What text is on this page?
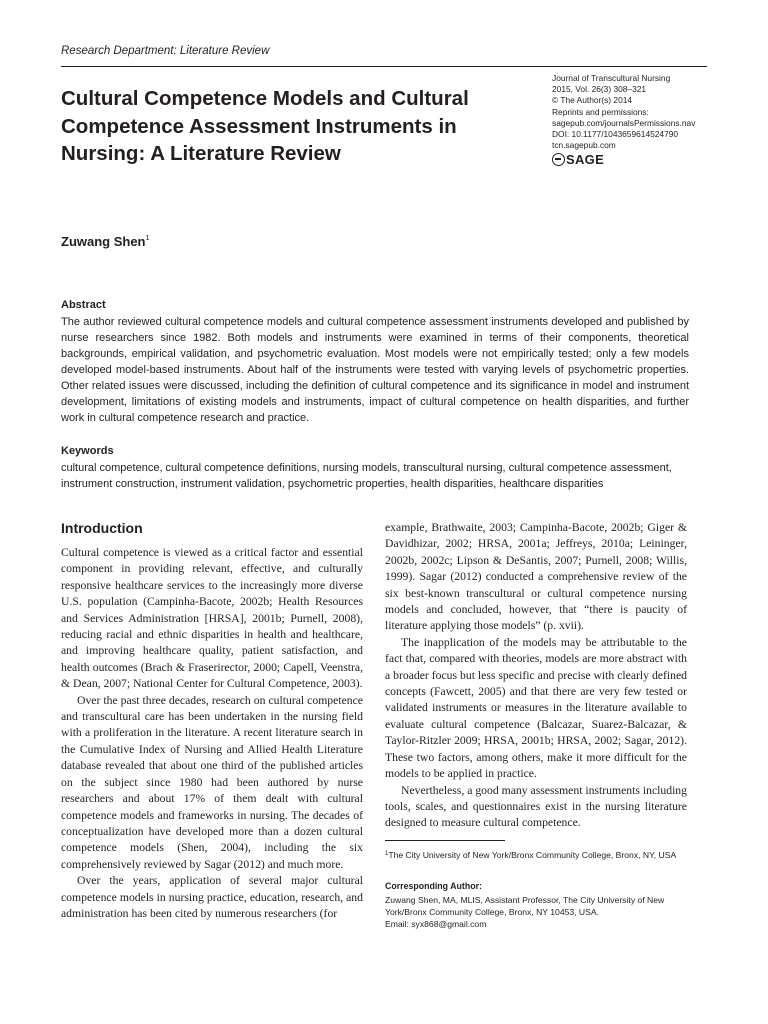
Research Department: Literature Review
Cultural Competence Models and Cultural Competence Assessment Instruments in Nursing: A Literature Review
Journal of Transcultural Nursing
2015, Vol. 26(3) 308–321
© The Author(s) 2014
Reprints and permissions:
sagepub.com/journalsPermissions.nav
DOI: 10.1177/1043659614524790
tcn.sagepub.com
SAGE
Zuwang Shen$^1$
Abstract
The author reviewed cultural competence models and cultural competence assessment instruments developed and published by nurse researchers since 1982. Both models and instruments were examined in terms of their components, theoretical backgrounds, empirical validation, and psychometric evaluation. Most models were not empirically tested; only a few models developed model-based instruments. About half of the instruments were tested with varying levels of psychometric properties. Other related issues were discussed, including the definition of cultural competence and its significance in model and instrument development, limitations of existing models and instruments, impact of cultural competence on health disparities, and further work in cultural competence research and practice.
Keywords
cultural competence, cultural competence definitions, nursing models, transcultural nursing, cultural competence assessment, instrument construction, instrument validation, psychometric properties, health disparities, healthcare disparities
Introduction

Cultural competence is viewed as a critical factor and essential component in providing relevant, effective, and culturally responsive healthcare services to the increasingly more diverse U.S. population (Campinha-Bacote, 2002b; Health Resources and Services Administration [HRSA], 2001b; Purnell, 2008), reducing racial and ethnic disparities in health and healthcare, and improving healthcare quality, patient satisfaction, and health outcomes (Brach & Fraserirector, 2000; Capell, Veenstra, & Dean, 2007; National Center for Cultural Competence, 2003).

Over the past three decades, research on cultural competence and transcultural care has been undertaken in the nursing field with a proliferation in the literature. A recent literature search in the Cumulative Index of Nursing and Allied Health Literature database revealed that about one third of the published articles on the subject since 1980 had been authored by nurse researchers and about 17% of them dealt with cultural competence models and frameworks in nursing. The decades of conceptualization have developed more than a dozen cultural competence models (Shen, 2004), including the six comprehensively reviewed by Sagar (2012) and much more.

Over the years, application of several major cultural competence models in nursing practice, education, research, and administration has been cited by numerous researchers (for

example, Brathwaite, 2003; Campinha-Bacote, 2002b; Giger & Davidhizar, 2002; HRSA, 2001a; Jeffreys, 2010a; Leininger, 2002b, 2002c; Lipson & DeSantis, 2007; Purnell, 2008; Willis, 1999). Sagar (2012) conducted a comprehensive review of the six best-known transcultural or cultural competence nursing models and concluded, however, that “there is paucity of literature applying those models” (p. xvii).

The inapplication of the models may be attributable to the fact that, compared with theories, models are more abstract with a broader focus but less specific and precise with clearly defined concepts (Fawcett, 2005) and that there are very few tested or validated instruments or measures in the literature available to evaluate cultural competence (Balcazar, Suarez-Balcazar, & Taylor-Ritzler 2009; HRSA, 2001b; HRSA, 2002; Sagar, 2012). These two factors, among others, make it more difficult for the models to be applied in practice.

Nevertheless, a good many assessment instruments including tools, scales, and questionnaires exist in the nursing literature designed to measure cultural competence.

$^1$The City University of New York/Bronx Community College, Bronx, NY, USA
Corresponding Author:
Zuwang Shen, MA, MLIS, Assistant Professor, The City University of New
York/Bronx Community College, Bronx, NY 10453, USA.
Email: syx868@gmail.com
